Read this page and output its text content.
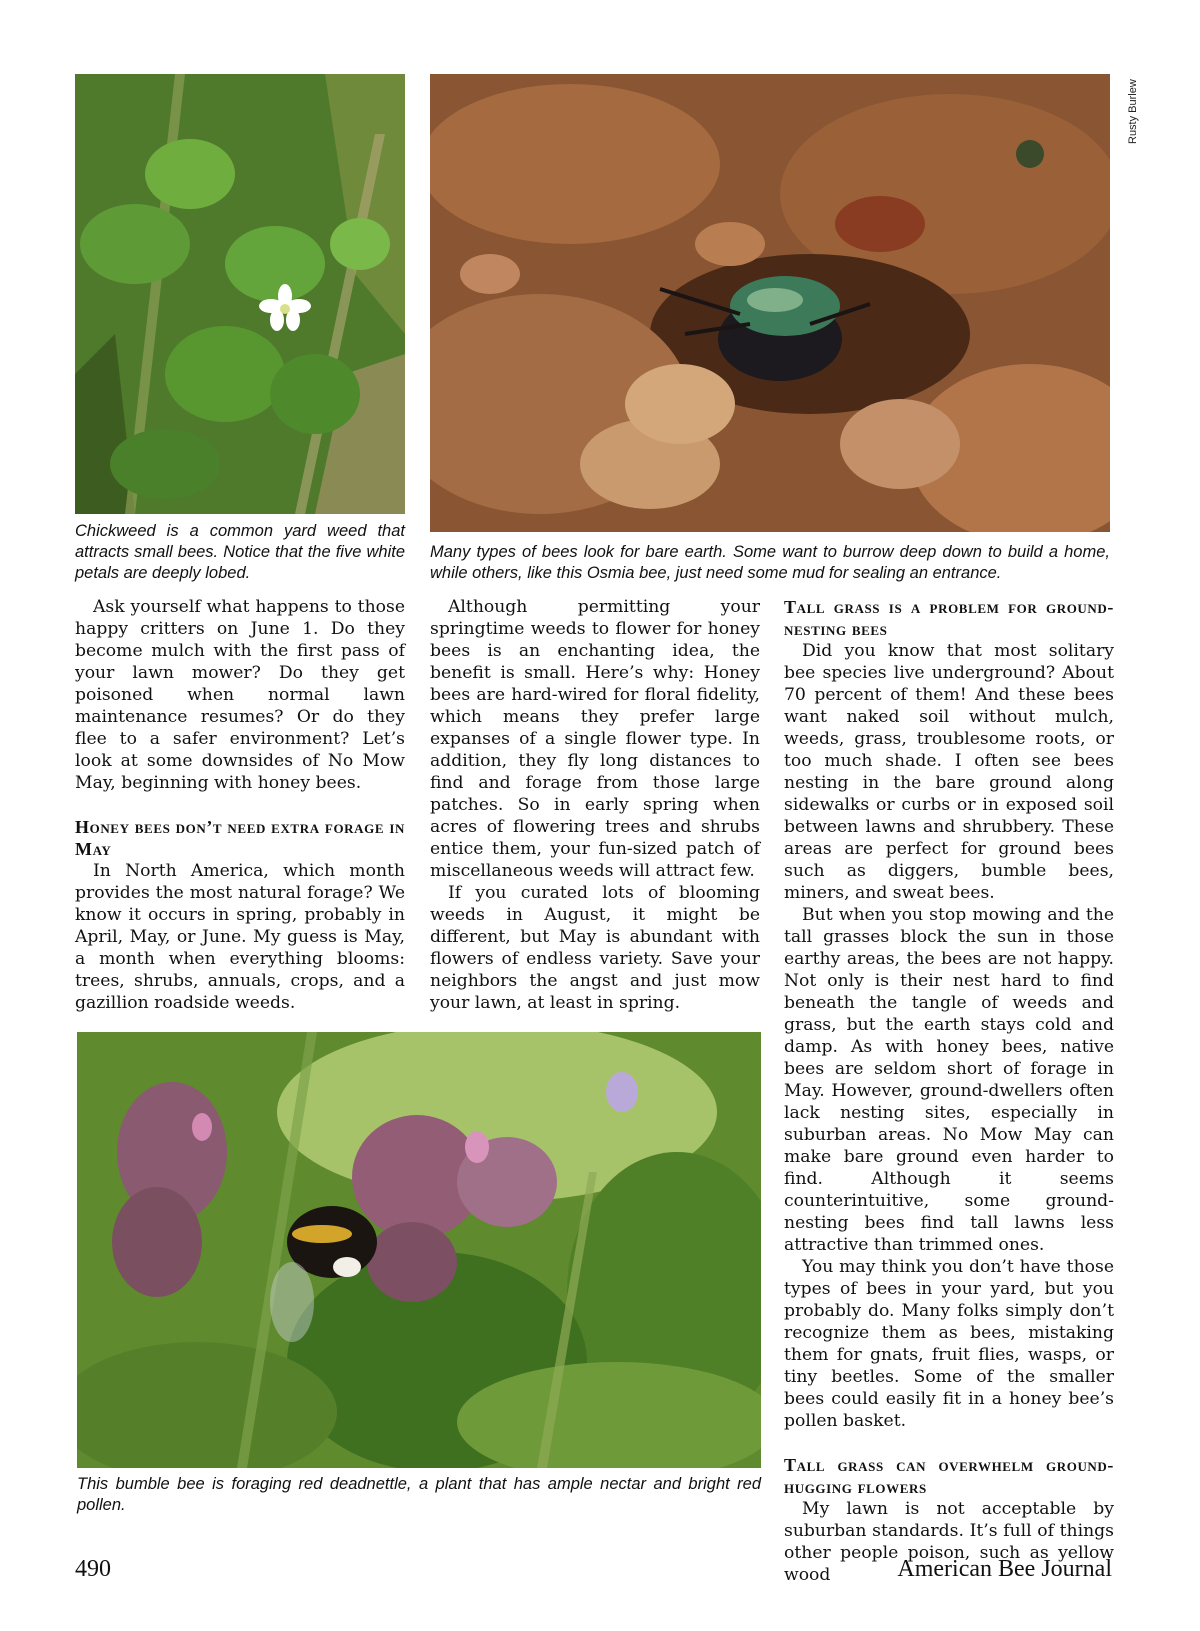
Rusty Burlew

Chickweed is a common yard weed that attracts small bees. Notice that the five white petals are deeply lobed.

Many types of bees look for bare earth. Some want to burrow deep down to build a home, while others, like this Osmia bee, just need some mud for sealing an entrance.

Ask yourself what happens to those happy critters on June 1. Do they become mulch with the first pass of your lawn mower? Do they get poisoned when normal lawn maintenance resumes? Or do they flee to a safer environment? Let’s look at some downsides of No Mow May, beginning with honey bees.

Honey bees don’t need extra forage in May

In North America, which month provides the most natural forage? We know it occurs in spring, probably in April, May, or June. My guess is May, a month when everything blooms: trees, shrubs, annuals, crops, and a gazillion roadside weeds.

Although permitting your springtime weeds to flower for honey bees is an enchanting idea, the benefit is small. Here’s why: Honey bees are hard-wired for floral fidelity, which means they prefer large expanses of a single flower type. In addition, they fly long distances to find and forage from those large patches. So in early spring when acres of flowering trees and shrubs entice them, your fun-sized patch of miscellaneous weeds will attract few.

If you curated lots of blooming weeds in August, it might be different, but May is abundant with flowers of endless variety. Save your neighbors the angst and just mow your lawn, at least in spring.

Tall grass is a problem for ground-nesting bees

Did you know that most solitary bee species live underground? About 70 percent of them! And these bees want naked soil without mulch, weeds, grass, troublesome roots, or too much shade. I often see bees nesting in the bare ground along sidewalks or curbs or in exposed soil between lawns and shrubbery. These areas are perfect for ground bees such as diggers, bumble bees, miners, and sweat bees.

But when you stop mowing and the tall grasses block the sun in those earthy areas, the bees are not happy. Not only is their nest hard to find beneath the tangle of weeds and grass, but the earth stays cold and damp. As with honey bees, native bees are seldom short of forage in May. However, ground-dwellers often lack nesting sites, especially in suburban areas. No Mow May can make bare ground even harder to find. Although it seems counterintuitive, some ground-nesting bees find tall lawns less attractive than trimmed ones.

You may think you don’t have those types of bees in your yard, but you probably do. Many folks simply don’t recognize them as bees, mistaking them for gnats, fruit flies, wasps, or tiny beetles. Some of the smaller bees could easily fit in a honey bee’s pollen basket.

Tall grass can overwhelm ground-hugging flowers

My lawn is not acceptable by suburban standards. It’s full of things other people poison, such as yellow wood

This bumble bee is foraging red deadnettle, a plant that has ample nectar and bright red pollen.

490	American Bee Journal
